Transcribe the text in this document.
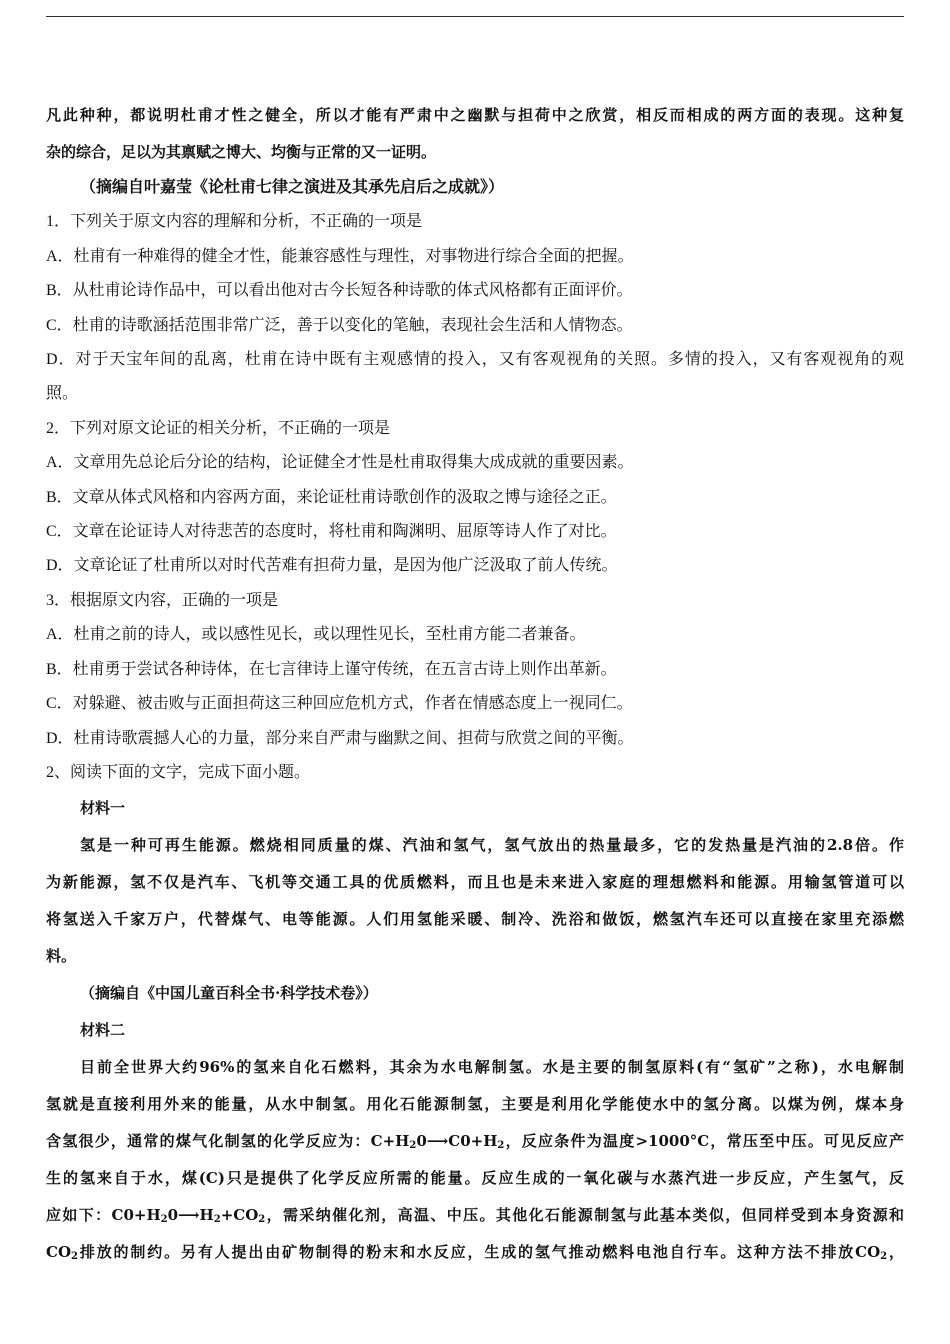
凡此种种，都说明杜甫才性之健全，所以才能有严肃中之幽默与担荷中之欣赏，相反而相成的两方面的表现。这种复

杂的综合，足以为其禀赋之博大、均衡与正常的又一证明。

（摘编自叶嘉莹《论杜甫七律之演进及其承先启后之成就》）

1．下列关于原文内容的理解和分析，不正确的一项是

A．杜甫有一种难得的健全才性，能兼容感性与理性，对事物进行综合全面的把握。

B．从杜甫论诗作品中，可以看出他对古今长短各种诗歌的体式风格都有正面评价。

C．杜甫的诗歌涵括范围非常广泛，善于以变化的笔触，表现社会生活和人情物态。

D．对于天宝年间的乱离，杜甫在诗中既有主观感情的投入，又有客观视角的关照。多情的投入，又有客观视角的观

照。

2．下列对原文论证的相关分析，不正确的一项是

A．文章用先总论后分论的结构，论证健全才性是杜甫取得集大成成就的重要因素。

B．文章从体式风格和内容两方面，来论证杜甫诗歌创作的汲取之博与途径之正。

C．文章在论证诗人对待悲苦的态度时，将杜甫和陶渊明、屈原等诗人作了对比。

D．文章论证了杜甫所以对时代苦难有担荷力量，是因为他广泛汲取了前人传统。

3．根据原文内容，正确的一项是

A．杜甫之前的诗人，或以感性见长，或以理性见长，至杜甫方能二者兼备。

B．杜甫勇于尝试各种诗体，在七言律诗上谨守传统，在五言古诗上则作出革新。

C．对躲避、被击败与正面担荷这三种回应危机方式，作者在情感态度上一视同仁。

D．杜甫诗歌震撼人心的力量，部分来自严肃与幽默之间、担荷与欣赏之间的平衡。

2、阅读下面的文字，完成下面小题。

材料一

氢是一种可再生能源。燃烧相同质量的煤、汽油和氢气，氢气放出的热量最多，它的发热量是汽油的2.8倍。作

为新能源，氢不仅是汽车、飞机等交通工具的优质燃料，而且也是未来进入家庭的理想燃料和能源。用输氢管道可以

将氢送入千家万户，代替煤气、电等能源。人们用氢能采暖、制冷、洗浴和做饭，燃氢汽车还可以直接在家里充添燃

料。

（摘编自《中国儿童百科全书·科学技术卷》）

材料二

目前全世界大约96%的氢来自化石燃料，其余为水电解制氢。水是主要的制氢原料(有“氢矿”之称)，水电解制

氢就是直接利用外来的能量，从水中制氢。用化石能源制氢，主要是利用化学能使水中的氢分离。以煤为例，煤本身

含氢很少，通常的煤气化制氢的化学反应为：$C+H_20⟶C0+H_2$，反应条件为温度>1000°C，常压至中压。可见反应产

生的氢来自于水，煤(C)只是提供了化学反应所需的能量。反应生成的一氧化碳与水蒸汽进一步反应，产生氢气，反

应如下：$C0+H_20⟶H_2+CO_2$，需采纳催化剂，高温、中压。其他化石能源制氢与此基本类似，但同样受到本身资源和

$CO_2$排放的制约。另有人提出由矿物制得的粉末和水反应，生成的氢气推动燃料电池自行车。这种方法不排放$CO_2$，
